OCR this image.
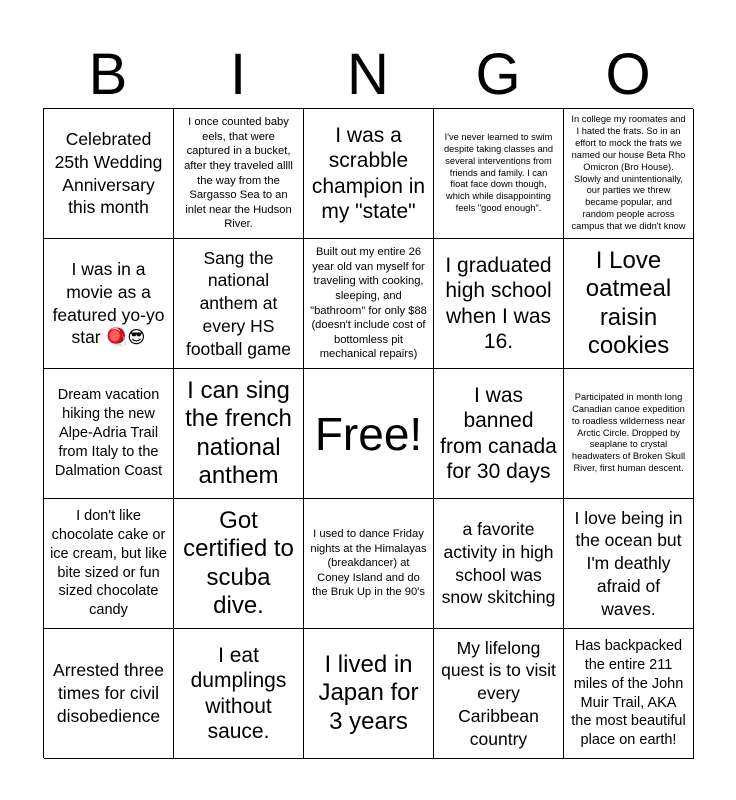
B	I	N	G	O
Celebrated 25th Wedding Anniversary this month
I once counted baby eels, that were captured in a bucket, after they traveled allll the way from the Sargasso Sea to an inlet near the Hudson River.
I was a scrabble champion in my "state"
I've never learned to swim despite taking classes and several interventions from friends and family. I can float face down though, which while disappointing feels "good enough".
In college my roomates and I hated the frats. So in an effort to mock the frats we named our house Beta Rho Omicron (Bro House). Slowly and unintentionally, our parties we threw became popular, and random people across campus that we didn't know
I was in a movie as a featured yo-yo star 🪀😎
Sang the national anthem at every HS football game
Built out my entire 26 year old van myself for traveling with cooking, sleeping, and "bathroom" for only $88 (doesn't include cost of bottomless pit mechanical repairs)
I graduated high school when I was 16.
I Love oatmeal raisin cookies
Dream vacation hiking the new Alpe-Adria Trail from Italy to the Dalmation Coast
I can sing the french national anthem
Free!
I was banned from canada for 30 days
Participated in month long Canadian canoe expedition to roadless wilderness near Arctic Circle. Dropped by seaplane to crystal headwaters of Broken Skull River, first human descent.
I don't like chocolate cake or ice cream, but like bite sized or fun sized chocolate candy
Got certified to scuba dive.
I used to dance Friday nights at the Himalayas (breakdancer) at Coney Island and do the Bruk Up in the 90's
a favorite activity in high school was snow skitching
I love being in the ocean but I'm deathly afraid of waves.
Arrested three times for civil disobedience
I eat dumplings without sauce.
I lived in Japan for 3 years
My lifelong quest is to visit every Caribbean country
Has backpacked the entire 211 miles of the John Muir Trail, AKA the most beautiful place on earth!
